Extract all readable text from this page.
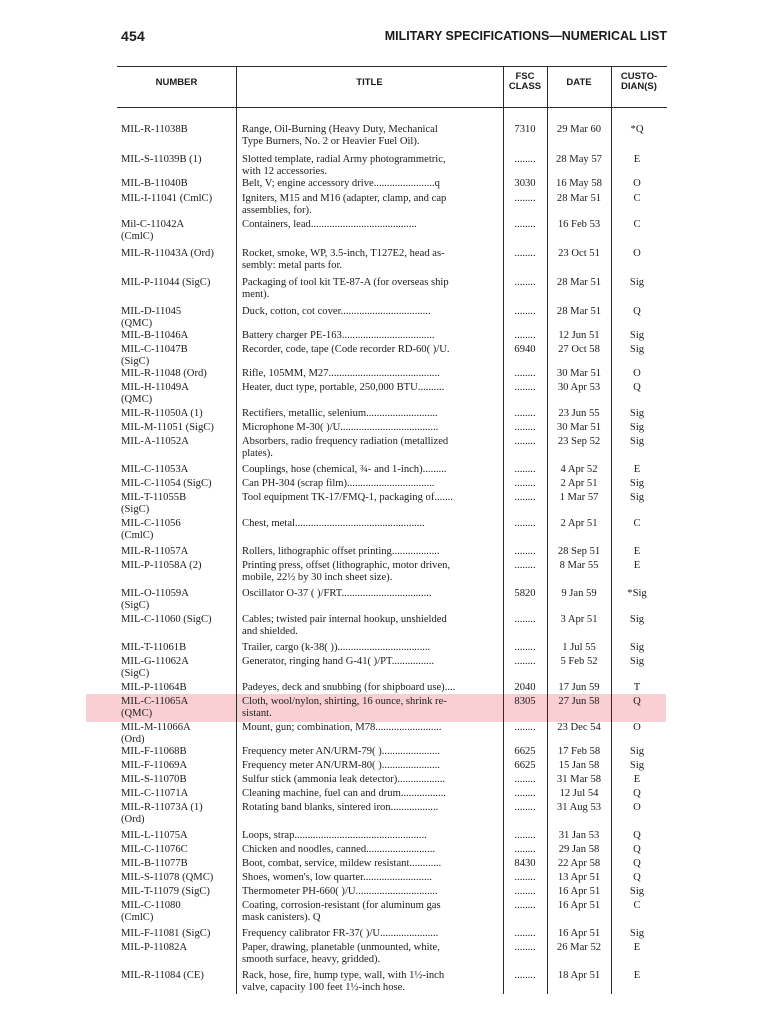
454	MILITARY SPECIFICATIONS—NUMERICAL LIST
NUMBER	TITLE
FSC
CLASS	DATE
CUSTO-
DIAN(S)
MIL-R-11038B	Range, Oil-Burning (Heavy Duty, Mechanical
Type Burners, No. 2 or Heavier Fuel Oil).
7310	29 Mar 60	*Q
MIL-S-11039B (1)	Slotted template, radial Army photogrammetric,
with 12 accessories.
........	28 May 57	E
MIL-B-11040B	Belt, V; engine accessory drive.......................q	3030	16 May 58	O
MIL-I-11041 (CmlC)	Igniters, M15 and M16 (adapter, clamp, and cap
assemblies, for).
........	28 Mar 51	C
Mil-C-11042A
(CmlC)
Containers, lead........................................	........	16 Feb 53	C
MIL-R-11043A (Ord)	Rocket, smoke, WP, 3.5-inch, T127E2, head as-
sembly: metal parts for.
........	23 Oct 51	O
MIL-P-11044 (SigC)	Packaging of tool kit TE-87-A (for overseas ship
ment).
........	28 Mar 51	Sig
MIL-D-11045
(QMC)
Duck, cotton, cot cover..................................	........	28 Mar 51	Q
MIL-B-11046A	Battery charger PE-163...................................	........	12 Jun 51	Sig
MIL-C-11047B
(SigC)
Recorder, code, tape (Code recorder RD-60( )/U.	6940	27 Oct 58	Sig
MIL-R-11048 (Ord)	Rifle, 105MM, M27..........................................	........	30 Mar 51	O
MIL-H-11049A
(QMC)
Heater, duct type, portable, 250,000 BTU..........	........	30 Apr 53	Q
MIL-R-11050A (1)	Rectifiers, metallic, selenium...........................	........	23 Jun 55	Sig
MIL-M-11051 (SigC)	Microphone M-30( )/U.....................................	........	30 Mar 51	Sig
MIL-A-11052A	Absorbers, radio frequency radiation (metallized
plates).
........	23 Sep 52	Sig
MIL-C-11053A	Couplings, hose (chemical, ¾- and 1-inch).........	........	4 Apr 52	E
MIL-C-11054 (SigC)	Can PH-304 (scrap film).................................	........	2 Apr 51	Sig
MIL-T-11055B
(SigC)
Tool equipment TK-17/FMQ-1, packaging of.......	........	1 Mar 57	Sig
MIL-C-11056
(CmlC)
Chest, metal.................................................	........	2 Apr 51	C
MIL-R-11057A	Rollers, lithographic offset printing..................	........	28 Sep 51	E
MIL-P-11058A (2)	Printing press, offset (lithographic, motor driven,
mobile, 22½ by 30 inch sheet size).
........	8 Mar 55	E
MIL-O-11059A
(SigC)
Oscillator O-37 ( )/FRT..................................	5820	9 Jan 59	*Sig
MIL-C-11060 (SigC)	Cables; twisted pair internal hookup, unshielded
and shielded.
........	3 Apr 51	Sig
MIL-T-11061B	Trailer, cargo (k-38( ))...................................	........	1 Jul 55	Sig
MIL-G-11062A
(SigC)
Generator, ringing hand G-41( )/PT................	........	5 Feb 52	Sig
MIL-P-11064B	Padeyes, deck and snubbing (for shipboard use)....	2040	17 Jun 59	T
MIL-C-11065A
(QMC)
Cloth, wool/nylon, shirting, 16 ounce, shrink re-
sistant.
8305	27 Jun 58	Q
MIL-M-11066A
(Ord)
Mount, gun; combination, M78.........................	........	23 Dec 54	O
MIL-F-11068B	Frequency meter AN/URM-79( )......................	6625	17 Feb 58	Sig
MIL-F-11069A	Frequency meter AN/URM-80( )......................	6625	15 Jan 58	Sig
MIL-S-11070B	Sulfur stick (ammonia leak detector)..................	........	31 Mar 58	E
MIL-C-11071A	Cleaning machine, fuel can and drum.................	........	12 Jul 54	Q
MIL-R-11073A (1)
(Ord)
Rotating band blanks, sintered iron..................	........	31 Aug 53	O
MIL-L-11075A	Loops, strap..................................................	........	31 Jan 53	Q
MIL-C-11076C	Chicken and noodles, canned..........................	........	29 Jan 58	Q
MIL-B-11077B	Boot, combat, service, mildew resistant............	8430	22 Apr 58	Q
MIL-S-11078 (QMC)	Shoes, women's, low quarter..........................	........	13 Apr 51	Q
MIL-T-11079 (SigC)	Thermometer PH-660( )/U...............................	........	16 Apr 51	Sig
MIL-C-11080
(CmlC)
Coating, corrosion-resistant (for aluminum gas
mask canisters). Q
........	16 Apr 51	C
MIL-F-11081 (SigC)	Frequency calibrator FR-37( )/U......................	........	16 Apr 51	Sig
MIL-P-11082A	Paper, drawing, planetable (unmounted, white,
smooth surface, heavy, gridded).
........	26 Mar 52	E
MIL-R-11084 (CE)	Rack, hose, fire, hump type, wall, with 1½-inch
valve, capacity 100 feet 1½-inch hose.
........	18 Apr 51	E
